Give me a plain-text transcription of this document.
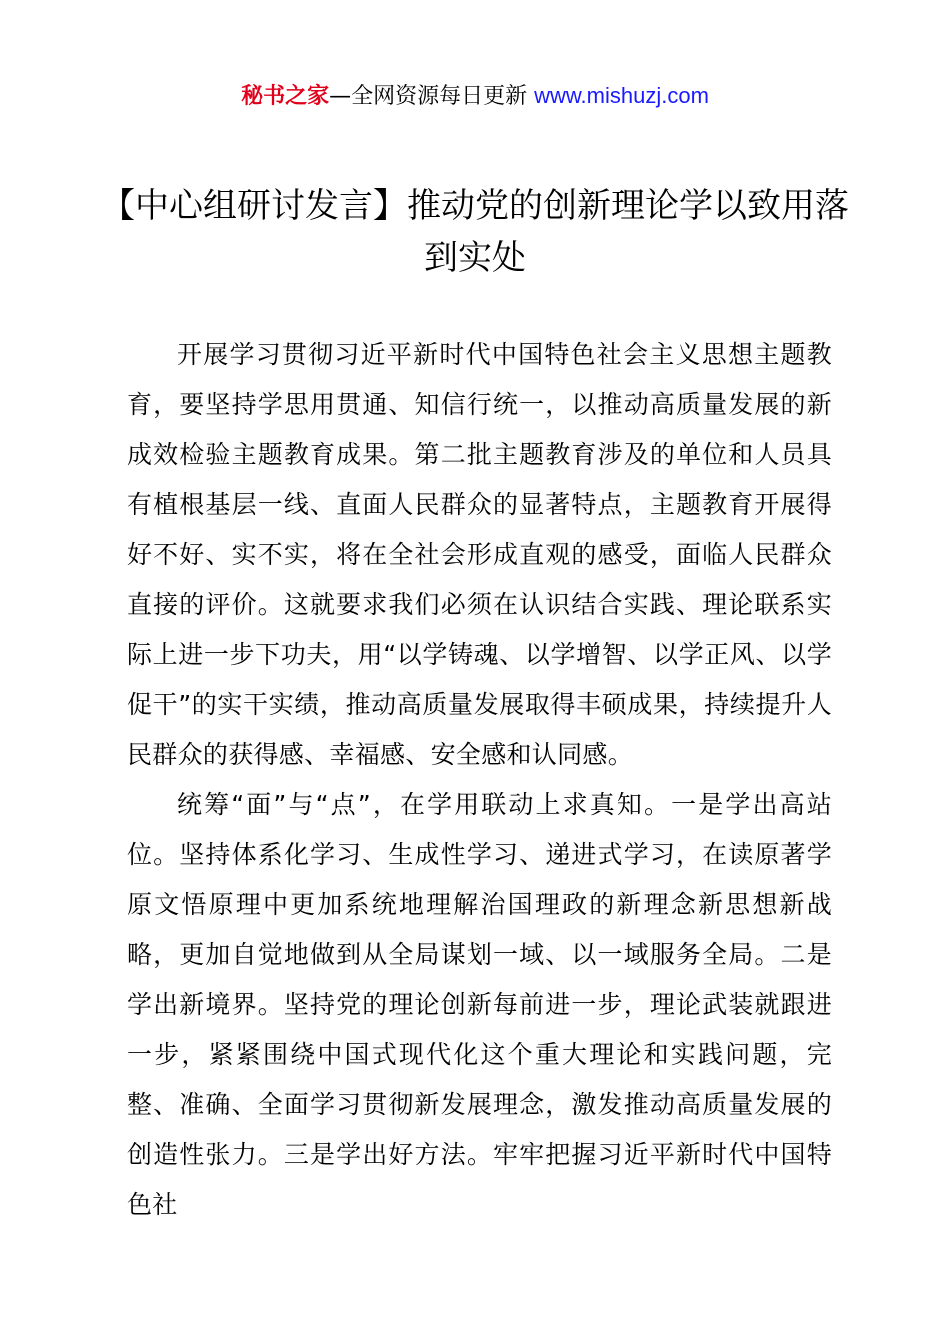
秘书之家—全网资源每日更新 www.mishuzj.com
【中心组研讨发言】推动党的创新理论学以致用落到实处

开展学习贯彻习近平新时代中国特色社会主义思想主题教育，要坚持学思用贯通、知信行统一，以推动高质量发展的新成效检验主题教育成果。第二批主题教育涉及的单位和人员具有植根基层一线、直面人民群众的显著特点，主题教育开展得好不好、实不实，将在全社会形成直观的感受，面临人民群众直接的评价。这就要求我们必须在认识结合实践、理论联系实际上进一步下功夫，用“以学铸魂、以学增智、以学正风、以学促干”的实干实绩，推动高质量发展取得丰硕成果，持续提升人民群众的获得感、幸福感、安全感和认同感。

统筹“面”与“点”，在学用联动上求真知。一是学出高站位。坚持体系化学习、生成性学习、递进式学习，在读原著学原文悟原理中更加系统地理解治国理政的新理念新思想新战略，更加自觉地做到从全局谋划一域、以一域服务全局。二是学出新境界。坚持党的理论创新每前进一步，理论武装就跟进一步，紧紧围绕中国式现代化这个重大理论和实践问题，完整、准确、全面学习贯彻新发展理念，激发推动高质量发展的创造性张力。三是学出好方法。牢牢把握习近平新时代中国特色社
